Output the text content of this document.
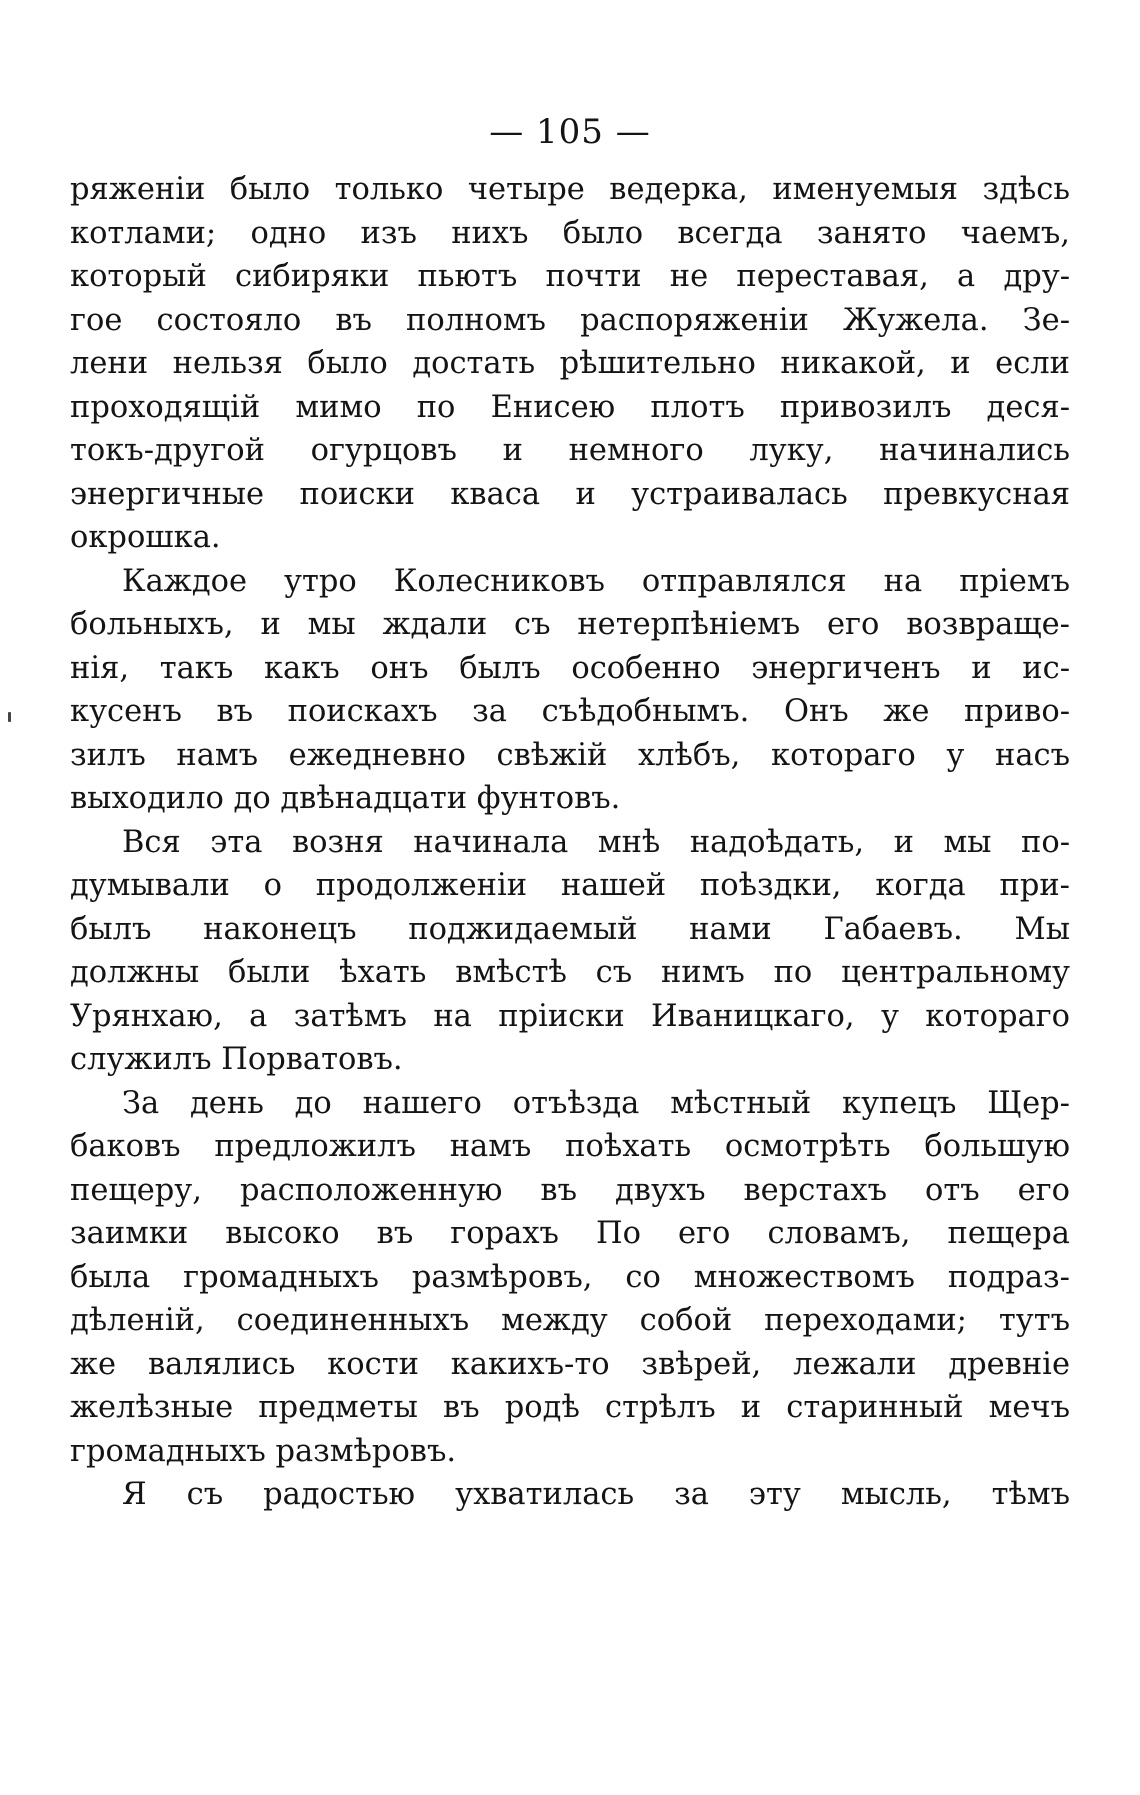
— 105 —

ряженіи было только четыре ведерка, именуемыя здѣсь
котлами; одно изъ нихъ было всегда занято чаемъ,
который сибиряки пьютъ почти не переставая, а дру-
гое состояло въ полномъ распоряженіи Жужела. Зе-
лени нельзя было достать рѣшительно никакой, и если
проходящій мимо по Енисею плотъ привозилъ деся-
токъ-другой огурцовъ и немного луку, начинались
энергичные поиски кваса и устраивалась превкусная
окрошка.

Каждое утро Колесниковъ отправлялся на пріемъ
больныхъ, и мы ждали съ нетерпѣніемъ его возвраще-
нія, такъ какъ онъ былъ особенно энергиченъ и ис-
кусенъ въ поискахъ за съѣдобнымъ. Онъ же приво-
зилъ намъ ежедневно свѣжій хлѣбъ, котораго у насъ
выходило до двѣнадцати фунтовъ.

Вся эта возня начинала мнѣ надоѣдать, и мы по-
думывали о продолженіи нашей поѣздки, когда при-
былъ наконецъ поджидаемый нами Габаевъ. Мы
должны были ѣхать вмѣстѣ съ нимъ по центральному
Урянхаю, а затѣмъ на пріиски Иваницкаго, у котораго
служилъ Порватовъ.

За день до нашего отъѣзда мѣстный купецъ Щер-
баковъ предложилъ намъ поѣхать осмотрѣть большую
пещеру, расположенную въ двухъ верстахъ отъ его
заимки высоко въ горахъ По его словамъ, пещера
была громадныхъ размѣровъ, со множествомъ подраз-
дѣленій, соединенныхъ между собой переходами; тутъ
же валялись кости какихъ-то звѣрей, лежали древніе
желѣзные предметы въ родѣ стрѣлъ и старинный мечъ
громадныхъ размѣровъ.

Я съ радостью ухватилась за эту мысль, тѣмъ
